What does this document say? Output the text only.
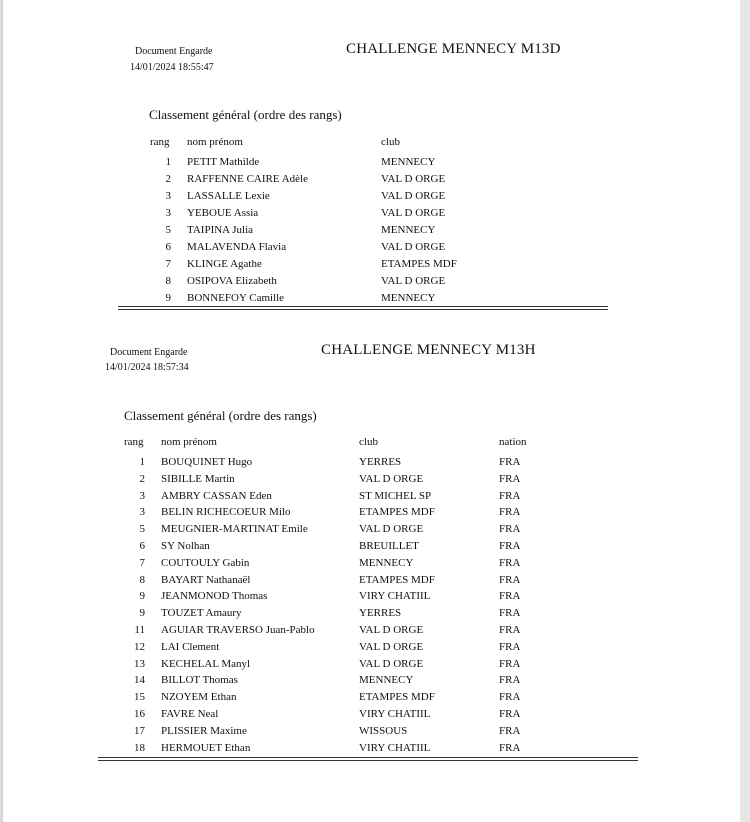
Document Engarde
14/01/2024 18:55:47
CHALLENGE MENNECY M13D
Classement général (ordre des rangs)
rang nom prénom	club
1 PETIT Mathilde	MENNECY
2 RAFFENNE CAIRE Adèle	VAL D ORGE
3 LASSALLE Lexie	VAL D ORGE
3 YEBOUE Assia	VAL D ORGE
5 TAIPINA Julia	MENNECY
6 MALAVENDA Flavia	VAL D ORGE
7 KLINGE Agathe	ETAMPES MDF
8 OSIPOVA Elizabeth	VAL D ORGE
9 BONNEFOY Camille	MENNECY
Document Engarde
14/01/2024 18:57:34
CHALLENGE MENNECY M13H
Classement général (ordre des rangs)
rang nom prénom	club	nation
1 BOUQUINET Hugo	YERRES	FRA
2 SIBILLE Martin	VAL D ORGE	FRA
3 AMBRY CASSAN Eden	ST MICHEL SP	FRA
3 BELIN RICHECOEUR Milo	ETAMPES MDF	FRA
5 MEUGNIER-MARTINAT Emile	VAL D ORGE	FRA
6 SY Nolhan	BREUILLET	FRA
7 COUTOULY Gabin	MENNECY	FRA
8 BAYART Nathanaël	ETAMPES MDF	FRA
9 JEANMONOD Thomas	VIRY CHATIIL	FRA
9 TOUZET Amaury	YERRES	FRA
11 AGUIAR TRAVERSO Juan-Pablo	VAL D ORGE	FRA
12 LAI Clement	VAL D ORGE	FRA
13 KECHELAL Manyl	VAL D ORGE	FRA
14 BILLOT Thomas	MENNECY	FRA
15 NZOYEM Ethan	ETAMPES MDF	FRA
16 FAVRE Neal	VIRY CHATIIL	FRA
17 PLISSIER Maxime	WISSOUS	FRA
18 HERMOUET Ethan	VIRY CHATIIL	FRA
